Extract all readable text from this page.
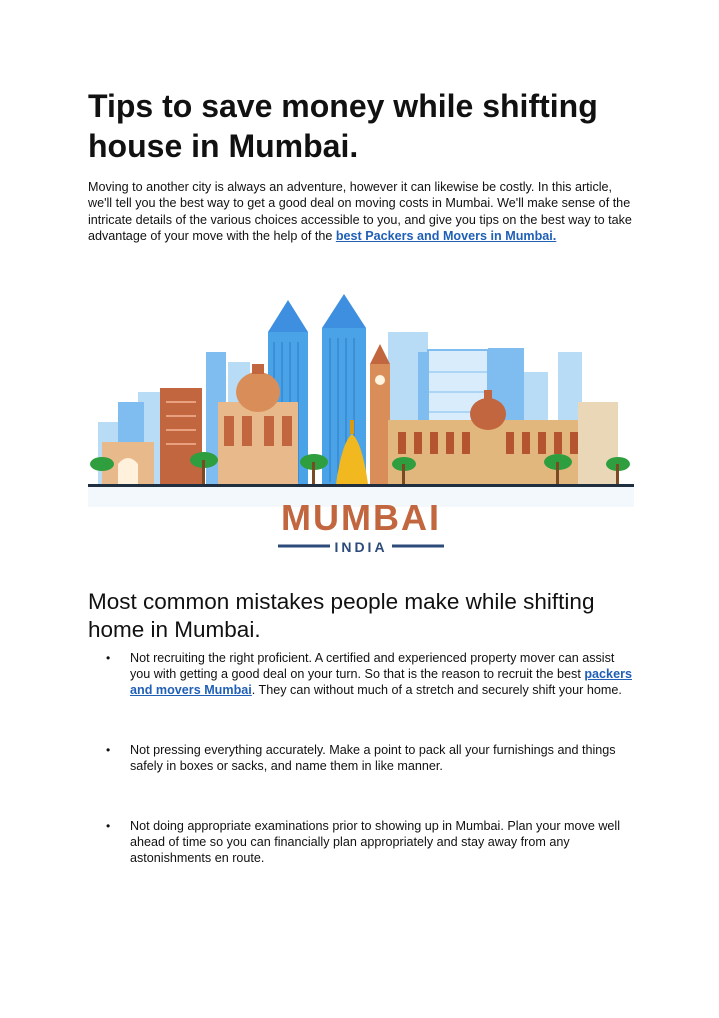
Tips to save money while shifting house in Mumbai.

Moving to another city is always an adventure, however it can likewise be costly. In this article, we'll tell you the best way to get a good deal on moving costs in Mumbai. We'll make sense of the intricate details of the various choices accessible to you, and give you tips on the best way to take advantage of your move with the help of the best Packers and Movers in Mumbai.

MUMBAI
INDIA
Most common mistakes people make while shifting home in Mumbai.
• Not recruiting the right proficient. A certified and experienced property mover can assist you with getting a good deal on your turn. So that is the reason to recruit the best packers and movers Mumbai. They can without much of a stretch and securely shift your home.
• Not pressing everything accurately. Make a point to pack all your furnishings and things safely in boxes or sacks, and name them in like manner.
• Not doing appropriate examinations prior to showing up in Mumbai. Plan your move well ahead of time so you can financially plan appropriately and stay away from any astonishments en route.
